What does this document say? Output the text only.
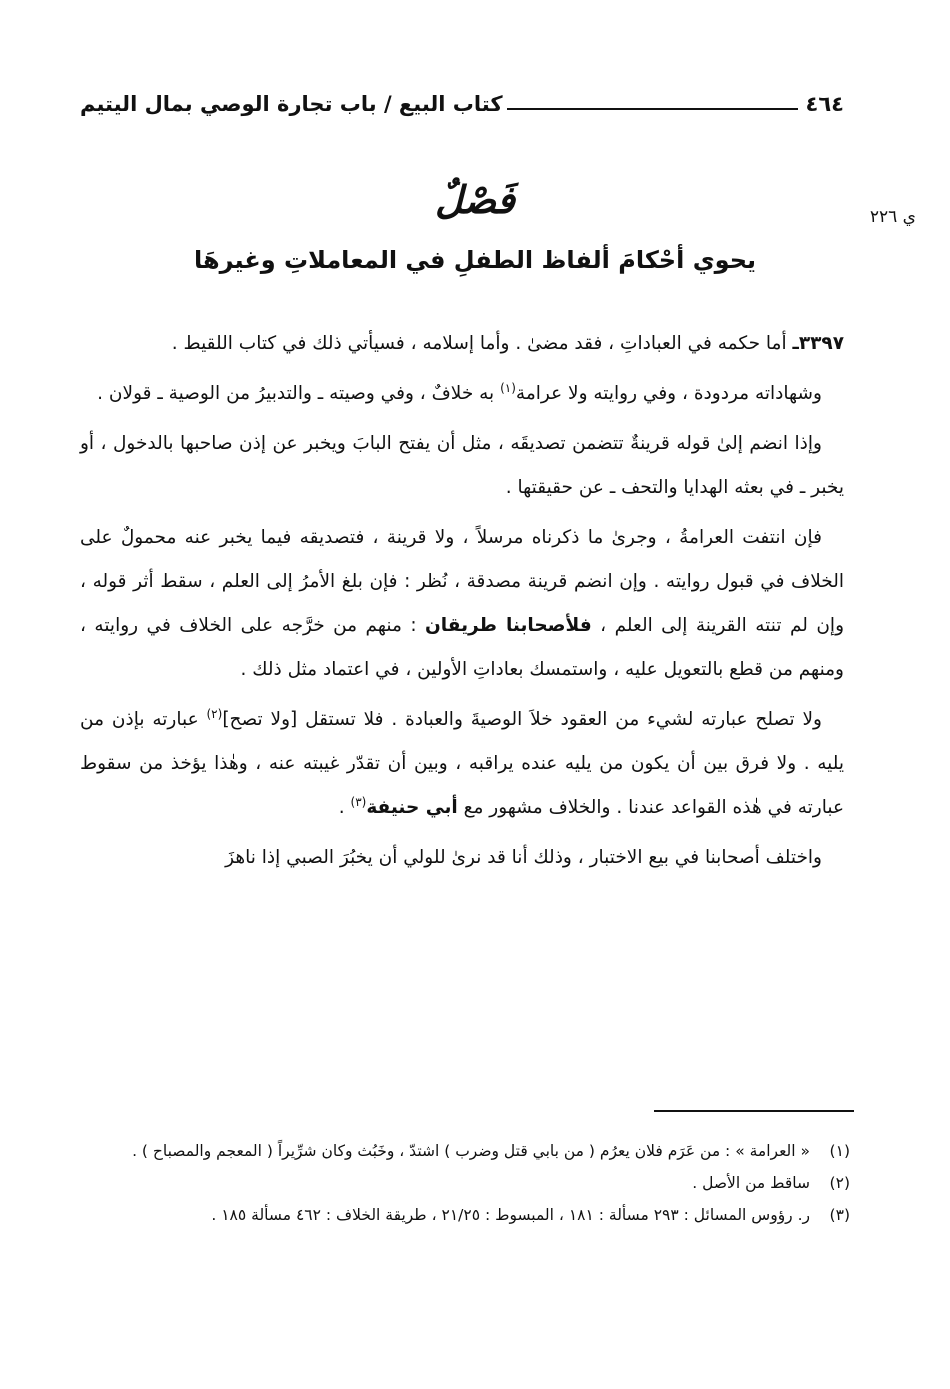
٤٦٤
كتاب البيع / باب تجارة الوصي بمال اليتيم
ي ٢٢٦
فَصْلٌ
يحوي أحْكامَ ألفاظ الطفلِ في المعاملاتِ وغيرهَا

٣٣٩٧ـ أما حكمه في العباداتِ ، فقد مضىٰ . وأما إسلامه ، فسيأتي ذلك في كتاب اللقيط .

وشهاداته مردودة ، وفي روايته ولا عرامة$^{(١)}$ به خلافٌ ، وفي وصيته ـ والتدبيرُ من الوصية ـ قولان .

وإذا انضم إلىٰ قوله قرينةٌ تتضمن تصديقَه ، مثل أن يفتح البابَ ويخبر عن إذن صاحبها بالدخول ، أو يخبر ـ في بعثه الهدايا والتحف ـ عن حقيقتها .

فإن انتفت العرامةُ ، وجرىٰ ما ذكرناه مرسلاً ، ولا قرينة ، فتصديقه فيما يخبر عنه محمولٌ على الخلاف في قبول روايته . وإن انضم قرينة مصدقة ، نُظر : فإن بلغ الأمرُ إلى العلم ، سقط أثر قوله ، وإن لم تنته القرينة إلى العلم ، فلأصحابنا طريقان : منهم من خرَّجه على الخلاف في روايته ، ومنهم من قطع بالتعويل عليه ، واستمسك بعاداتِ الأولين ، في اعتماد مثل ذلك .

ولا تصلح عبارته لشيء من العقود خلاَ الوصيةَ والعبادة . فلا تستقل [ولا تصح]$^{(٢)}$ عبارته بإذن من يليه . ولا فرق بين أن يكون من يليه عنده يراقبه ، وبين أن تقدّر غيبته عنه ، وهٰذا يؤخذ من سقوط عبارته في هٰذه القواعد عندنا . والخلاف مشهور مع أبي حنيفة$^{(٣)}$ .

واختلف أصحابنا في بيع الاختبار ، وذلك أنا قد نرىٰ للولي أن يخبُرَ الصبي إذا ناهزَ

(١)
« العرامة » : من عَرَم فلان يعرُم ( من بابي قتل وضرب ) اشتدّ ، وخَبُث وكان شرِّيراً ( المعجم والمصباح ) .
(٢)
ساقط من الأصل .
(٣)
ر. رؤوس المسائل : ٢٩٣ مسألة : ١٨١ ، المبسوط : ٢١/٢٥ ، طريقة الخلاف : ٤٦٢ مسألة ١٨٥ .
